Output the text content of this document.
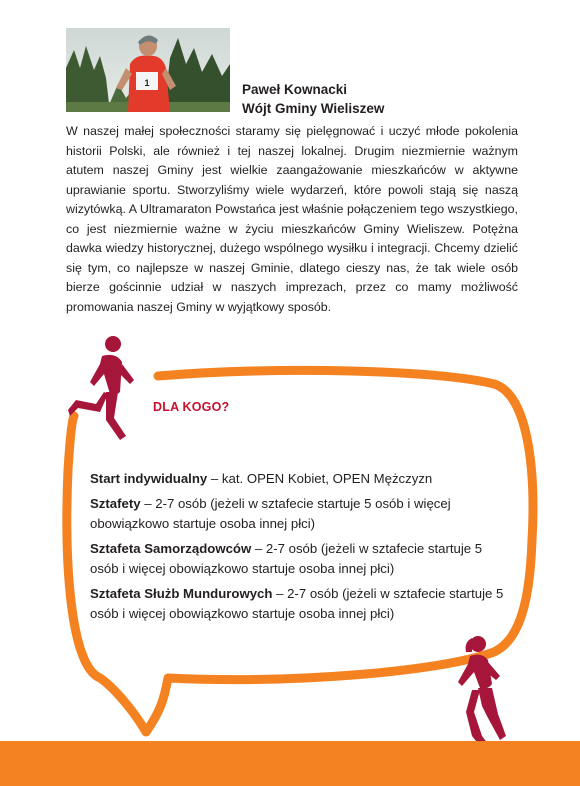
1	Paweł Kownacki
Wójt Gminy Wieliszew
W naszej małej społeczności staramy się pielęgnować i uczyć młode pokolenia historii Polski, ale również i tej naszej lokalnej. Drugim niezmiernie ważnym atutem naszej Gminy jest wielkie zaangażowanie mieszkańców w aktywne uprawianie sportu. Stworzyliśmy wiele wydarzeń, które powoli stają się naszą wizytówką. A Ultramaraton Powstańca jest właśnie połączeniem tego wszystkiego, co jest niezmiernie ważne w życiu mieszkańców Gminy Wieliszew. Potężna dawka wiedzy historycznej, dużego wspólnego wysiłku i integracji. Chcemy dzielić się tym, co najlepsze w naszej Gminie, dlatego cieszy nas, że tak wiele osób bierze gościnnie udział w naszych imprezach, przez co mamy możliwość promowania naszej Gminy w wyjątkowy sposób.
DLA KOGO?
Start indywidualny – kat. OPEN Kobiet, OPEN Mężczyzn
Sztafety – 2-7 osób (jeżeli w sztafecie startuje 5 osób i więcej obowiązkowo startuje osoba innej płci)
Sztafeta Samorządowców – 2-7 osób (jeżeli w sztafecie startuje 5 osób i więcej obowiązkowo startuje osoba innej płci)
Sztafeta Służb Mundurowych – 2-7 osób (jeżeli w sztafecie startuje 5 osób i więcej obowiązkowo startuje osoba innej płci)
